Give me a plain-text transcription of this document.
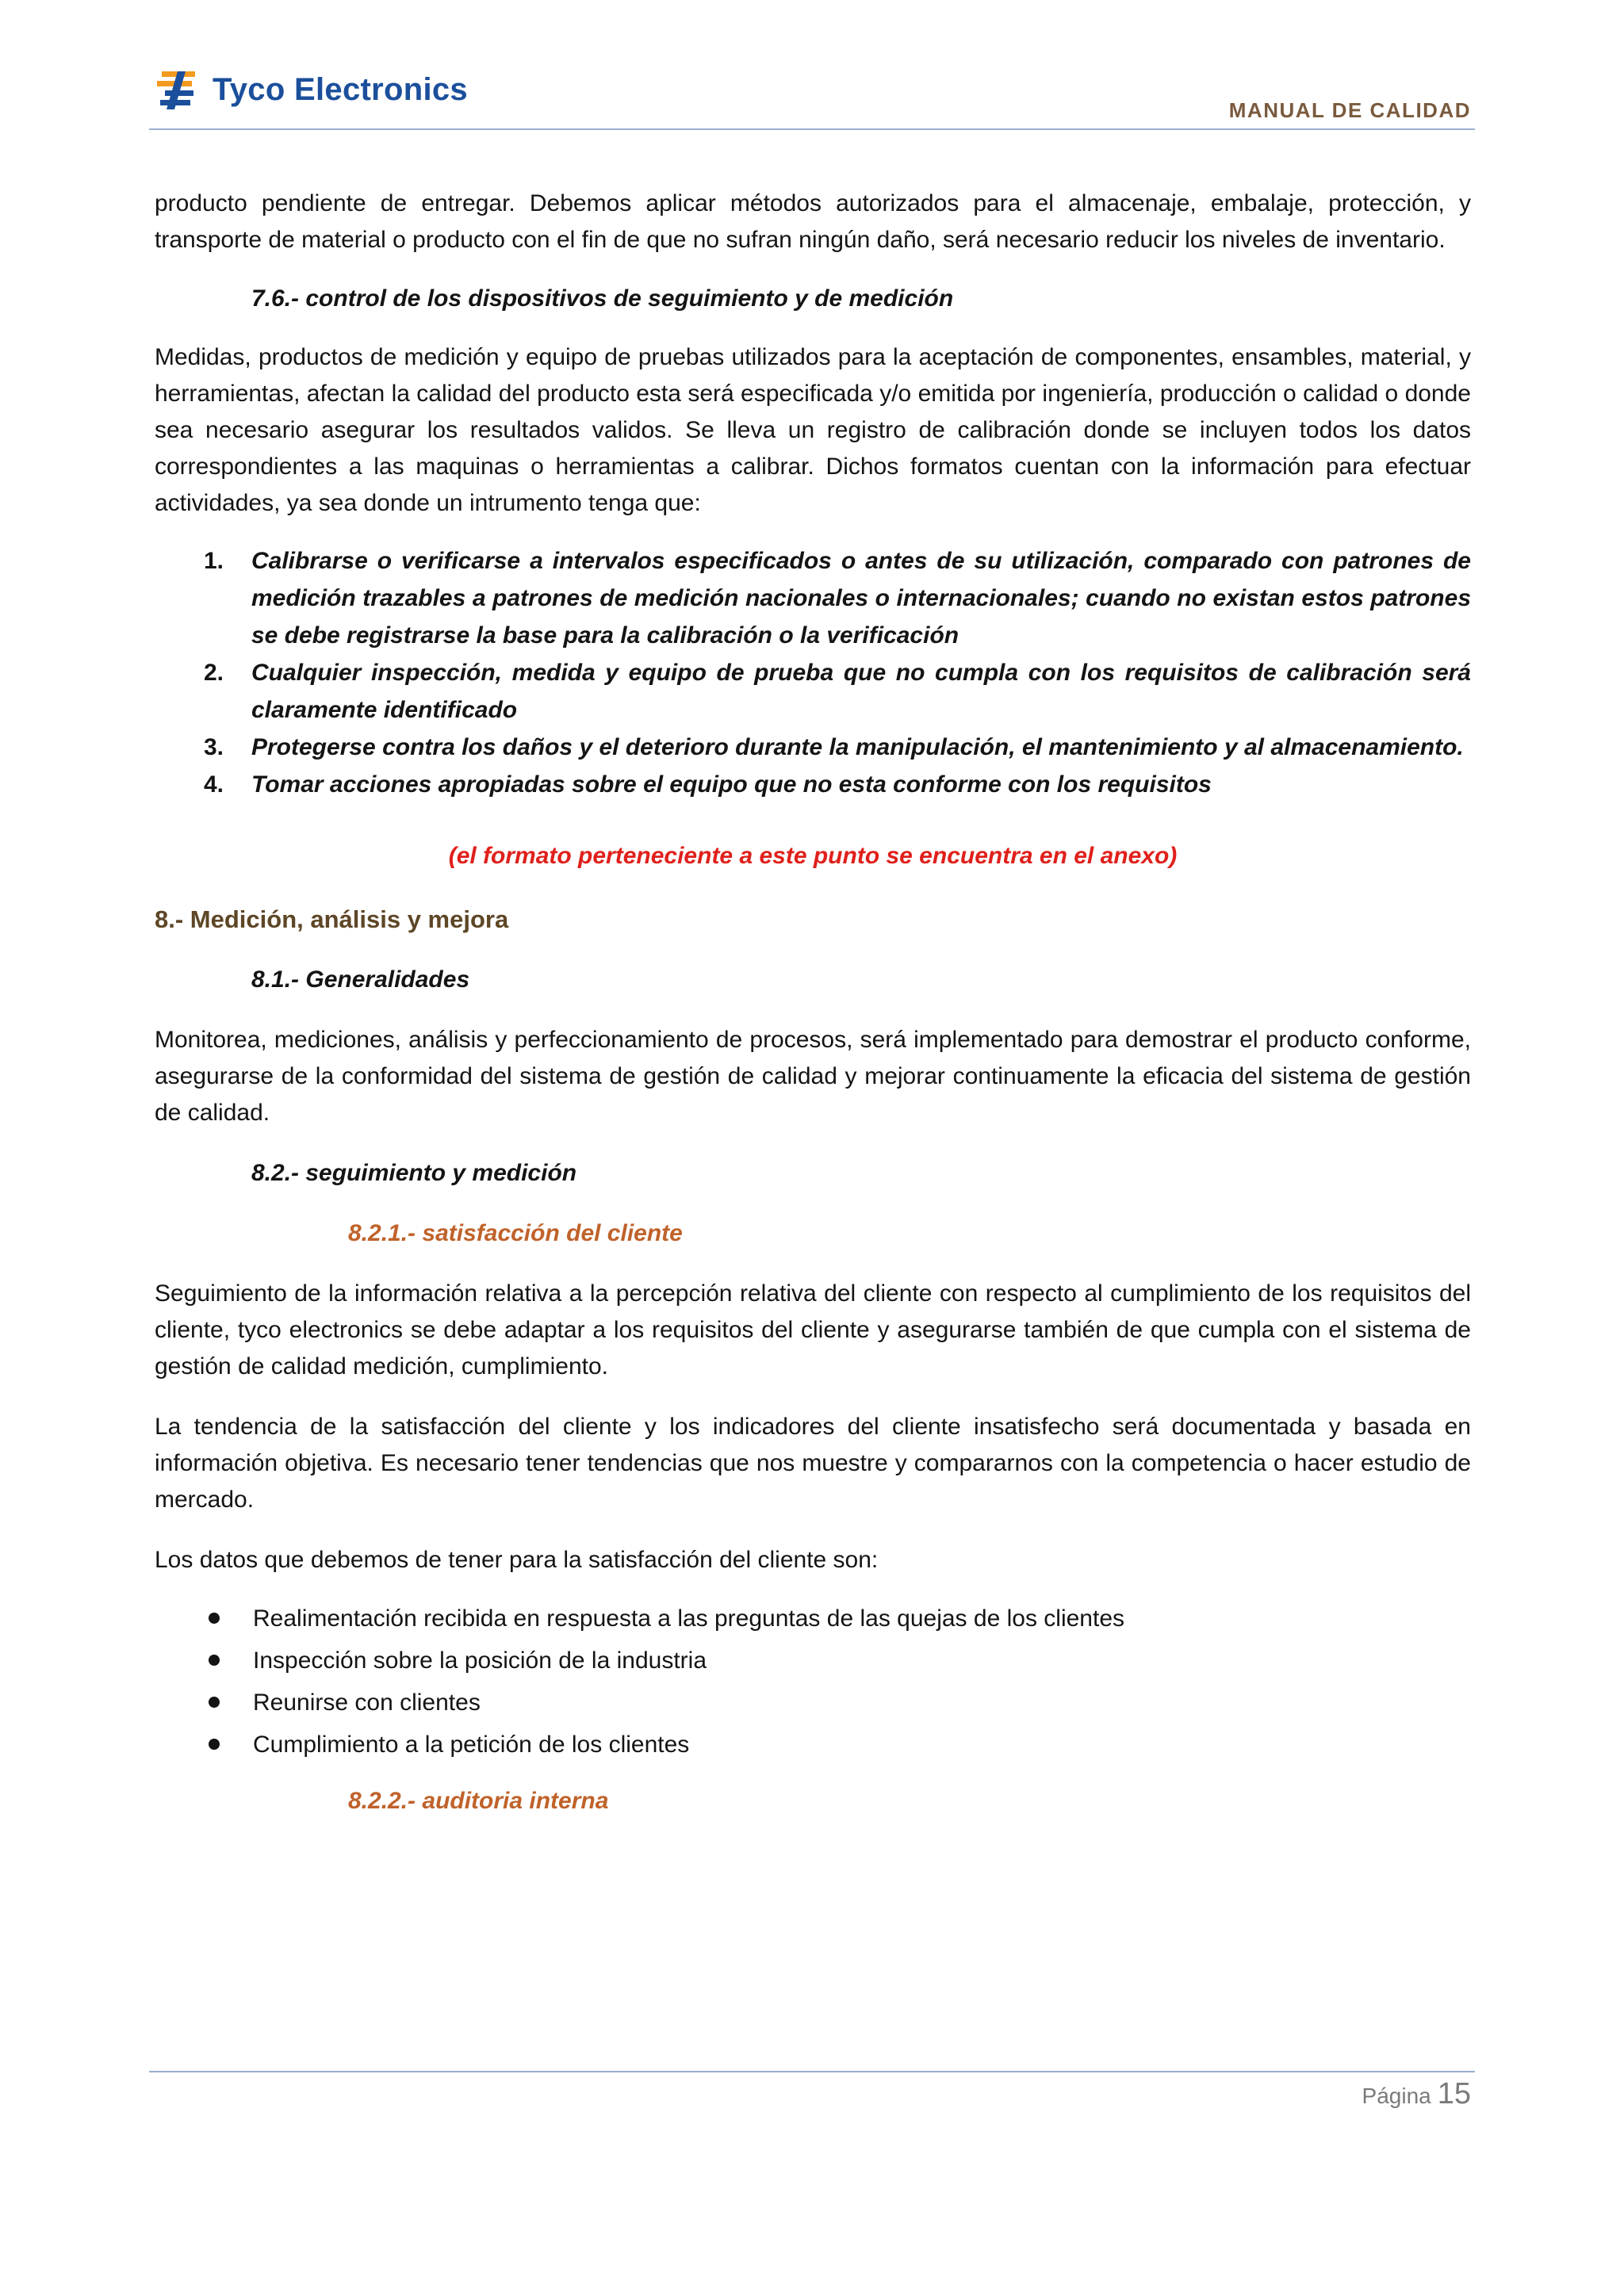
Tyco Electronics
MANUAL DE CALIDAD

producto pendiente de entregar. Debemos aplicar métodos autorizados para el almacenaje, embalaje, protección, y transporte de material o producto con el fin de que no sufran ningún daño, será necesario reducir los niveles de inventario.

7.6.- control de los dispositivos de seguimiento y de medición

Medidas, productos de medición y equipo de pruebas utilizados para la aceptación de componentes, ensambles, material, y herramientas, afectan la calidad del producto esta será especificada y/o emitida por ingeniería, producción o calidad o donde sea necesario asegurar los resultados validos. Se lleva un registro de calibración donde se incluyen todos los datos correspondientes a las maquinas o herramientas a calibrar. Dichos formatos cuentan con la información para efectuar actividades, ya sea donde un intrumento tenga que:

1. Calibrarse o verificarse a intervalos especificados o antes de su utilización, comparado con patrones de medición trazables a patrones de medición nacionales o internacionales; cuando no existan estos patrones se debe registrarse la base para la calibración o la verificación
2. Cualquier inspección, medida y equipo de prueba que no cumpla con los requisitos de calibración será claramente identificado
3. Protegerse contra los daños y el deterioro durante la manipulación, el mantenimiento y al almacenamiento.
4. Tomar acciones apropiadas sobre el equipo que no esta conforme con los requisitos
(el formato perteneciente a este punto se encuentra en el anexo)
8.- Medición, análisis y mejora
8.1.- Generalidades

Monitorea, mediciones, análisis y perfeccionamiento de procesos, será implementado para demostrar el producto conforme, asegurarse de la conformidad del sistema de gestión de calidad y mejorar continuamente la eficacia del sistema de gestión de calidad.

8.2.- seguimiento y medición
8.2.1.- satisfacción del cliente

Seguimiento de la información relativa a la percepción relativa del cliente con respecto al cumplimiento de los requisitos del cliente, tyco electronics se debe adaptar a los requisitos del cliente y asegurarse también de que cumpla con el sistema de gestión de calidad medición, cumplimiento.

La tendencia de la satisfacción del cliente y los indicadores del cliente insatisfecho será documentada y basada en información objetiva. Es necesario tener tendencias que nos muestre y compararnos con la competencia o hacer estudio de mercado.

Los datos que debemos de tener para la satisfacción del cliente son:

Realimentación recibida en respuesta a las preguntas de las quejas de los clientes
Inspección sobre la posición de la industria
Reunirse con clientes
Cumplimiento a la petición de los clientes
8.2.2.- auditoria interna
Página 15
